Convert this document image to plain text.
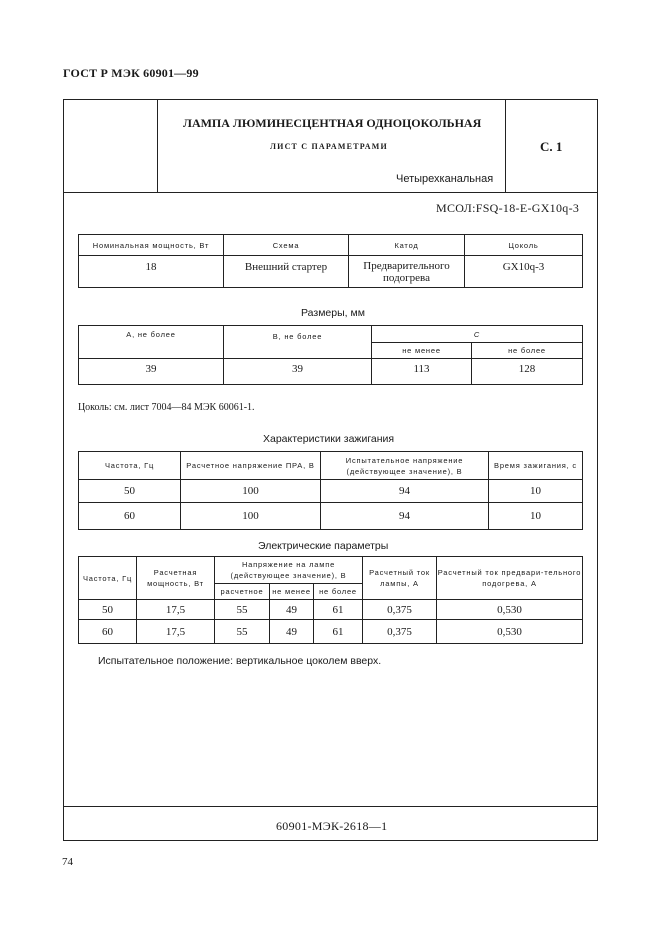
ГОСТ Р МЭК 60901—99
ЛАМПА ЛЮМИНЕСЦЕНТНАЯ ОДНОЦОКОЛЬНАЯ
ЛИСТ С ПАРАМЕТРАМИ
Четырехканальная
С. 1
МСОЛ:FSQ-18-E-GX10q-3
Номинальная мощность, Вт	Схема	Катод	Цоколь
18	Внешний стартер	Предварительного подогрева	GX10q-3
Размеры, мм
A, не более	B, не более	C	
		не менее	не более
39	39	113	128
Цоколь: см. лист 7004—84 МЭК 60061-1.
Характеристики зажигания
Частота, Гц	Расчетное напряжение ПРА, В	Испытательное напряжение (действующее значение), В	Время зажигания, с
50	100	94	10
60	100	94	10
Электрические параметры
Частота, Гц	Расчетная мощность, Вт	Напряжение на лампе (действующее значение), В			Расчетный ток лампы, А	Расчетный ток предвари-тельного подогрева, А
		расчетное	не менее	не более		
50	17,5	55	49	61	0,375	0,530
60	17,5	55	49	61	0,375	0,530
Испытательное положение: вертикальное цоколем вверх.
60901-МЭК-2618—1
74
